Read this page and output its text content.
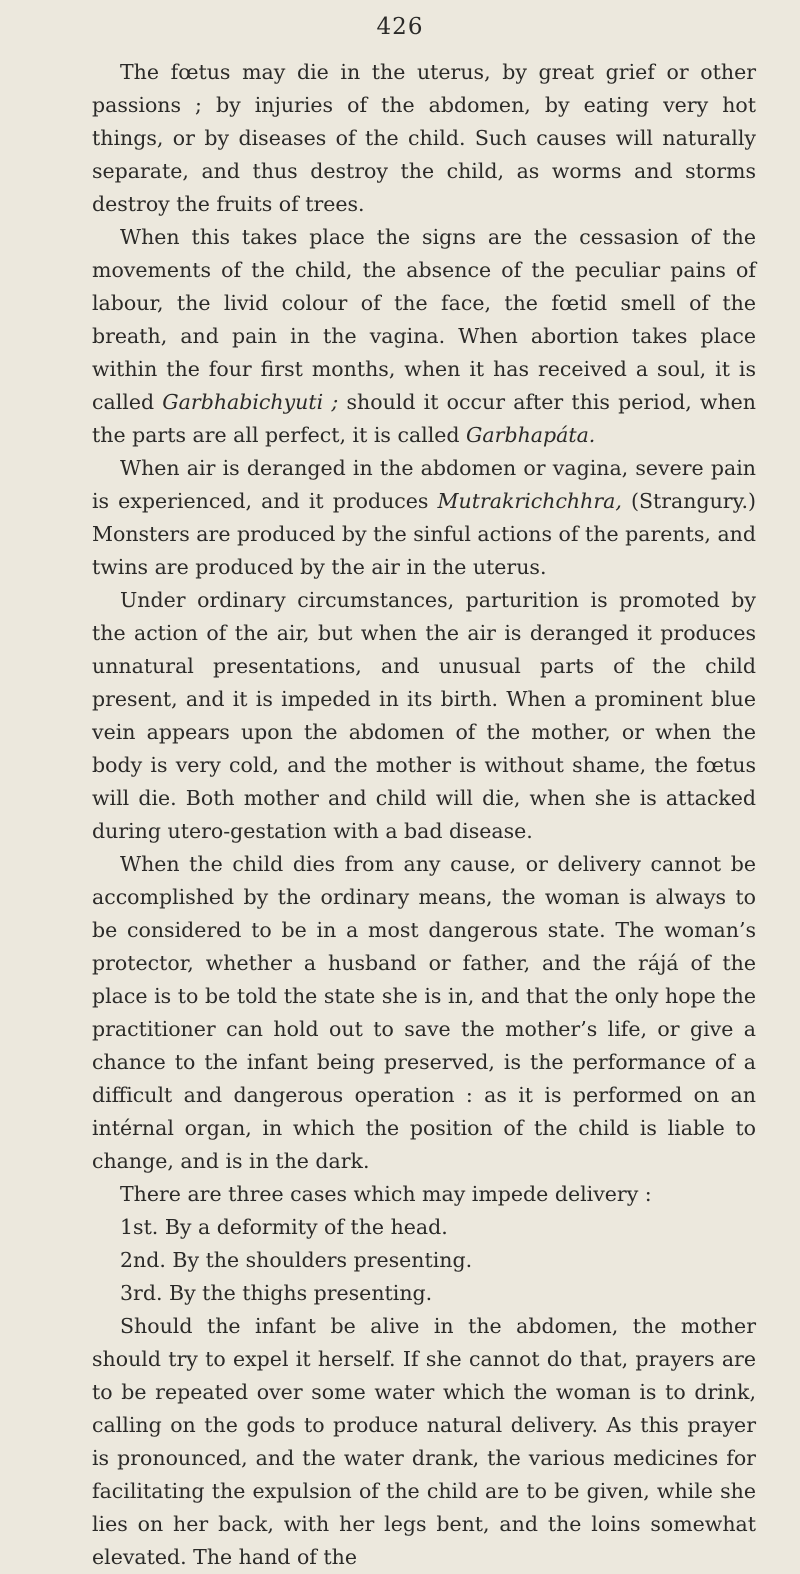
426

The fœtus may die in the uterus, by great grief or other passions ; by injuries of the abdomen, by eating very hot things, or by diseases of the child. Such causes will naturally separate, and thus destroy the child, as worms and storms destroy the fruits of trees.

When this takes place the signs are the cessasion of the movements of the child, the absence of the peculiar pains of labour, the livid colour of the face, the fœtid smell of the breath, and pain in the vagina. When abortion takes place within the four first months, when it has received a soul, it is called Garbhabichyuti ; should it occur after this period, when the parts are all perfect, it is called Garbhapáta.

When air is deranged in the abdomen or vagina, severe pain is experienced, and it produces Mutrakrichchhra, (Strangury.) Monsters are produced by the sinful actions of the parents, and twins are produced by the air in the uterus.

Under ordinary circumstances, parturition is promoted by the action of the air, but when the air is deranged it produces unnatural presentations, and unusual parts of the child present, and it is impeded in its birth. When a prominent blue vein appears upon the abdomen of the mother, or when the body is very cold, and the mother is without shame, the fœtus will die. Both mother and child will die, when she is attacked during utero-gestation with a bad disease.

When the child dies from any cause, or delivery cannot be accomplished by the ordinary means, the woman is always to be considered to be in a most dangerous state. The woman’s protector, whether a husband or father, and the rájá of the place is to be told the state she is in, and that the only hope the practitioner can hold out to save the mother’s life, or give a chance to the infant being preserved, is the performance of a difficult and dangerous operation : as it is performed on an intérnal organ, in which the position of the child is liable to change, and is in the dark.

There are three cases which may impede delivery :

1st. By a deformity of the head.

2nd. By the shoulders presenting.

3rd. By the thighs presenting.

Should the infant be alive in the abdomen, the mother should try to expel it herself. If she cannot do that, prayers are to be repeated over some water which the woman is to drink, calling on the gods to produce natural delivery. As this prayer is pronounced, and the water drank, the various medicines for facilitating the expulsion of the child are to be given, while she lies on her back, with her legs bent, and the loins somewhat elevated. The hand of the
